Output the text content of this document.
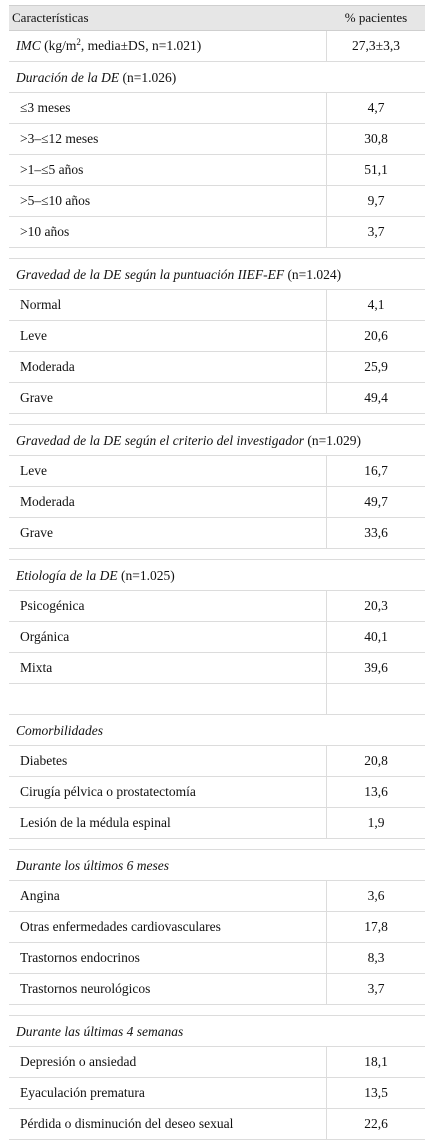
Características	% pacientes
IMC ($kg/m^2$, media±DS, n=1.021)	27,3±3,3
Duración de la DE (n=1.026)
≤3 meses	4,7
>3–≤12 meses	30,8
>1–≤5 años	51,1
>5–≤10 años	9,7
>10 años	3,7
Gravedad de la DE según la puntuación IIEF-EF (n=1.024)
Normal	4,1
Leve	20,6
Moderada	25,9
Grave	49,4
Gravedad de la DE según el criterio del investigador (n=1.029)
Leve	16,7
Moderada	49,7
Grave	33,6
Etiología de la DE (n=1.025)
Psicogénica	20,3
Orgánica	40,1
Mixta	39,6
Comorbilidades
Diabetes	20,8
Cirugía pélvica o prostatectomía	13,6
Lesión de la médula espinal	1,9
Durante los últimos 6 meses
Angina	3,6
Otras enfermedades cardiovasculares	17,8
Trastornos endocrinos	8,3
Trastornos neurológicos	3,7
Durante las últimas 4 semanas
Depresión o ansiedad	18,1
Eyaculación prematura	13,5
Pérdida o disminución del deseo sexual	22,6
